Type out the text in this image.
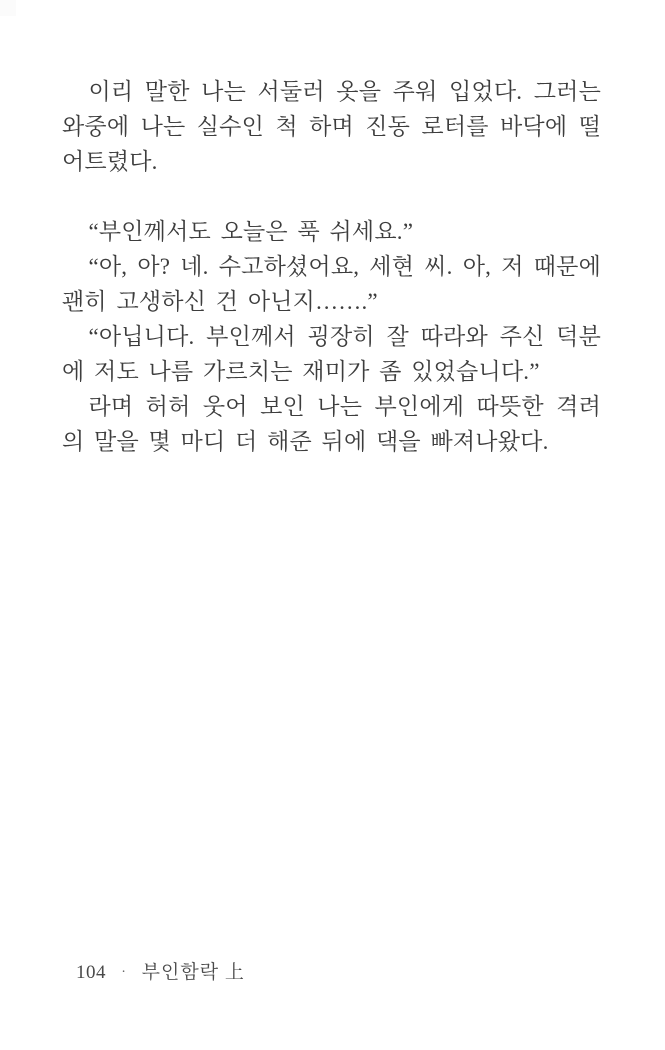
이리 말한 나는 서둘러 옷을 주워 입었다. 그러는 와중에 나는 실수인 척 하며 진동 로터를 바닥에 떨어트렸다.

“부인께서도 오늘은 푹 쉬세요.”

“아, 아? 네. 수고하셨어요, 세현 씨. 아, 저 때문에 괜히 고생하신 건 아닌지…….”

“아닙니다. 부인께서 굉장히 잘 따라와 주신 덕분에 저도 나름 가르치는 재미가 좀 있었습니다.”

라며 허허 웃어 보인 나는 부인에게 따뜻한 격려의 말을 몇 마디 더 해준 뒤에 댁을 빠져나왔다.

104 · 부인함락 上
